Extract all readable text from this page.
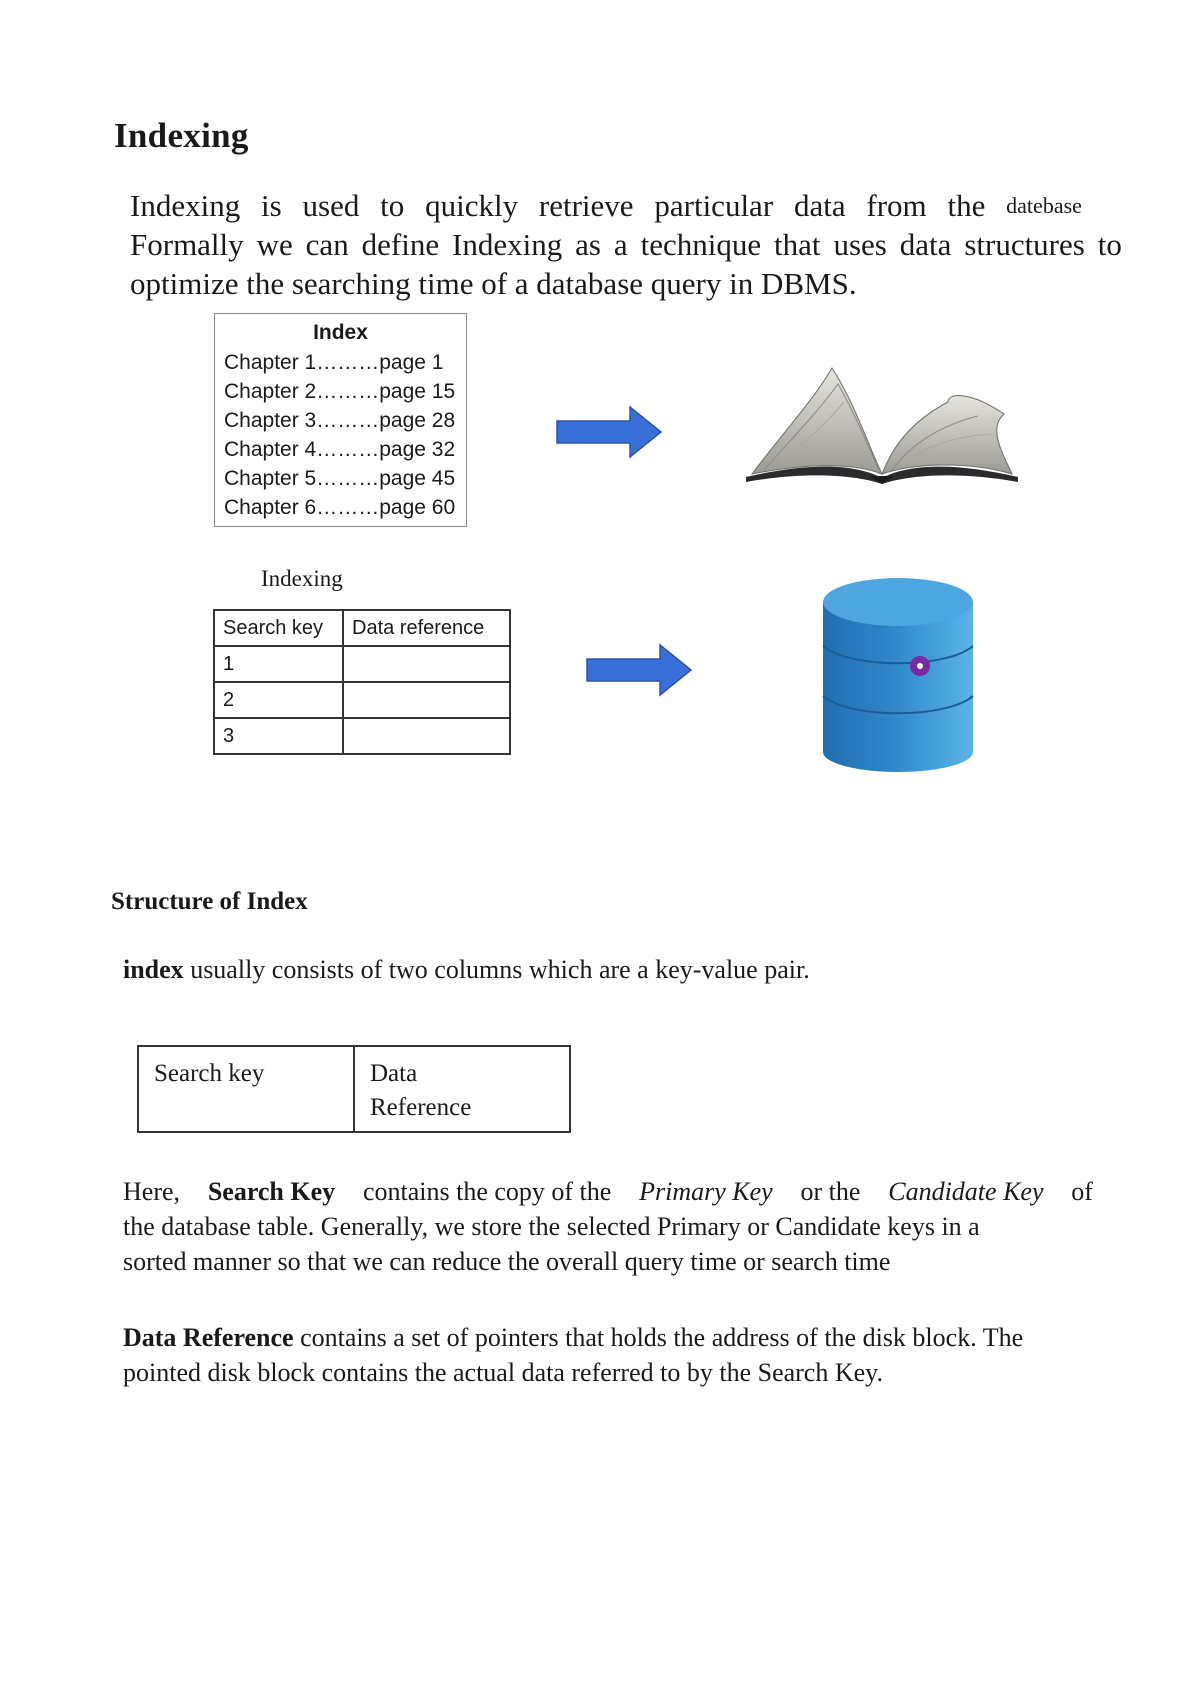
Indexing
Indexing is used to quickly retrieve particular data from the datebase
Formally we can define Indexing as a technique that uses data structures to
optimize the searching time of a database query in DBMS.
Index
Chapter 1………page 1
Chapter 2………page 15
Chapter 3………page 28
Chapter 4………page 32
Chapter 5………page 45
Chapter 6………page 60
Indexing
Search key	Data reference
1	
2	
3	
Structure of Index
index usually consists of two columns which are a key-value pair.
Search key	Data
Reference
Here, Search Key contains the copy of the Primary Key or the Candidate Key of
the database table. Generally, we store the selected Primary or Candidate keys in a
sorted manner so that we can reduce the overall query time or search time
Data Reference contains a set of pointers that holds the address of the disk block. The
pointed disk block contains the actual data referred to by the Search Key.
